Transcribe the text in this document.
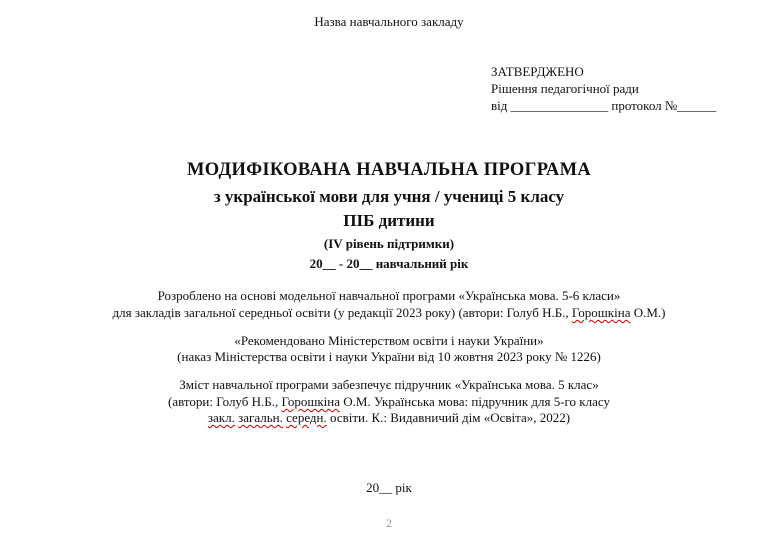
Назва навчального закладу
ЗАТВЕРДЖЕНО
Рішення педагогічної ради
від _______________ протокол №______
МОДИФІКОВАНА НАВЧАЛЬНА ПРОГРАМА
з української мови для учня / учениці 5 класу
ПІБ дитини
(IV рівень підтримки)
20__ - 20__ навчальний рік
Розроблено на основі модельної навчальної програми «Українська мова. 5-6 класи»
для закладів загальної середньої освіти (у редакції 2023 року) (автори: Голуб Н.Б., Горошкіна О.М.)
«Рекомендовано Міністерством освіти і науки України»
(наказ Міністерства освіти і науки України від 10 жовтня 2023 року № 1226)
Зміст навчальної програми забезпечує підручник «Українська мова. 5 клас»
(автори: Голуб Н.Б., Горошкіна О.М. Українська мова: підручник для 5-го класу
закл. загальн. середн. освіти. К.: Видавничий дім «Освіта», 2022)
20__ рік
2
